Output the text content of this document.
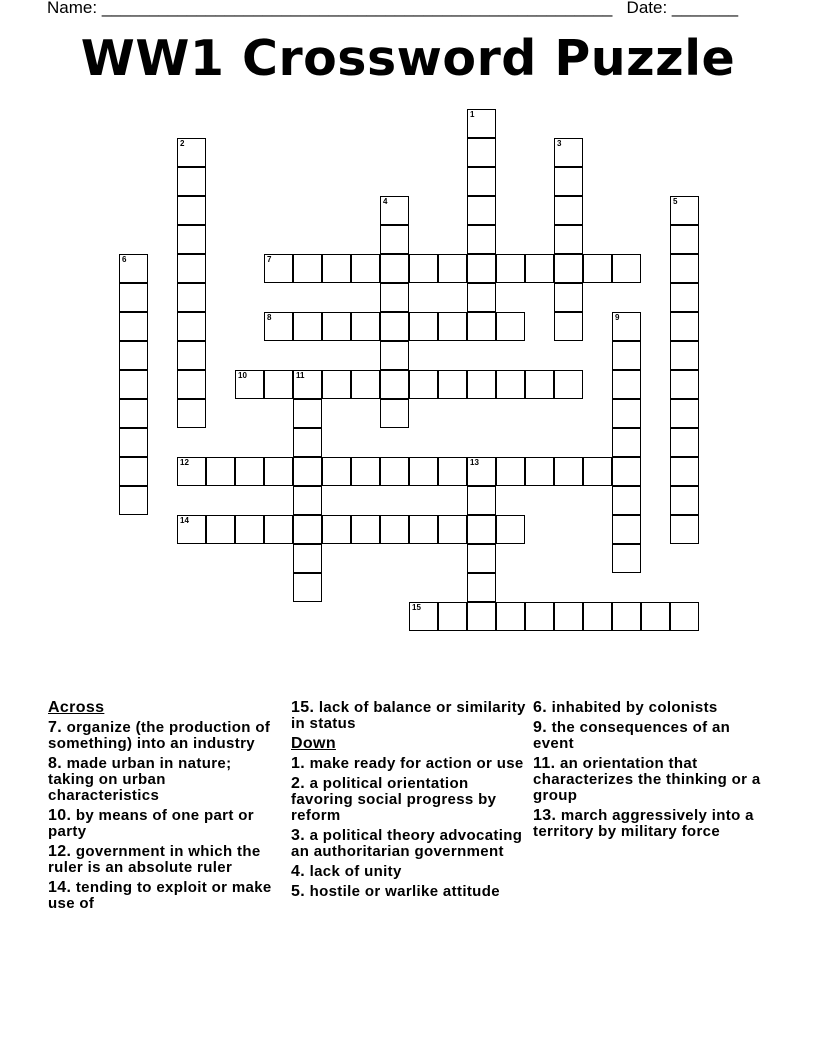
Name: ______________________________________________________ Date: _______
WW1 Crossword Puzzle
7
8
10	11
12	13
14
15
1
2	3
4	5
6
9
Across
7. organize (the production of something) into an industry
8. made urban in nature; taking on urban characteristics
10. by means of one part or party
12. government in which the ruler is an absolute ruler
14. tending to exploit or make use of
15. lack of balance or similarity in status
Down
1. make ready for action or use
2. a political orientation favoring social progress by reform
3. a political theory advocating an authoritarian government
4. lack of unity
5. hostile or warlike attitude
6. inhabited by colonists
9. the consequences of an event
11. an orientation that characterizes the thinking or a group
13. march aggressively into a territory by military force
